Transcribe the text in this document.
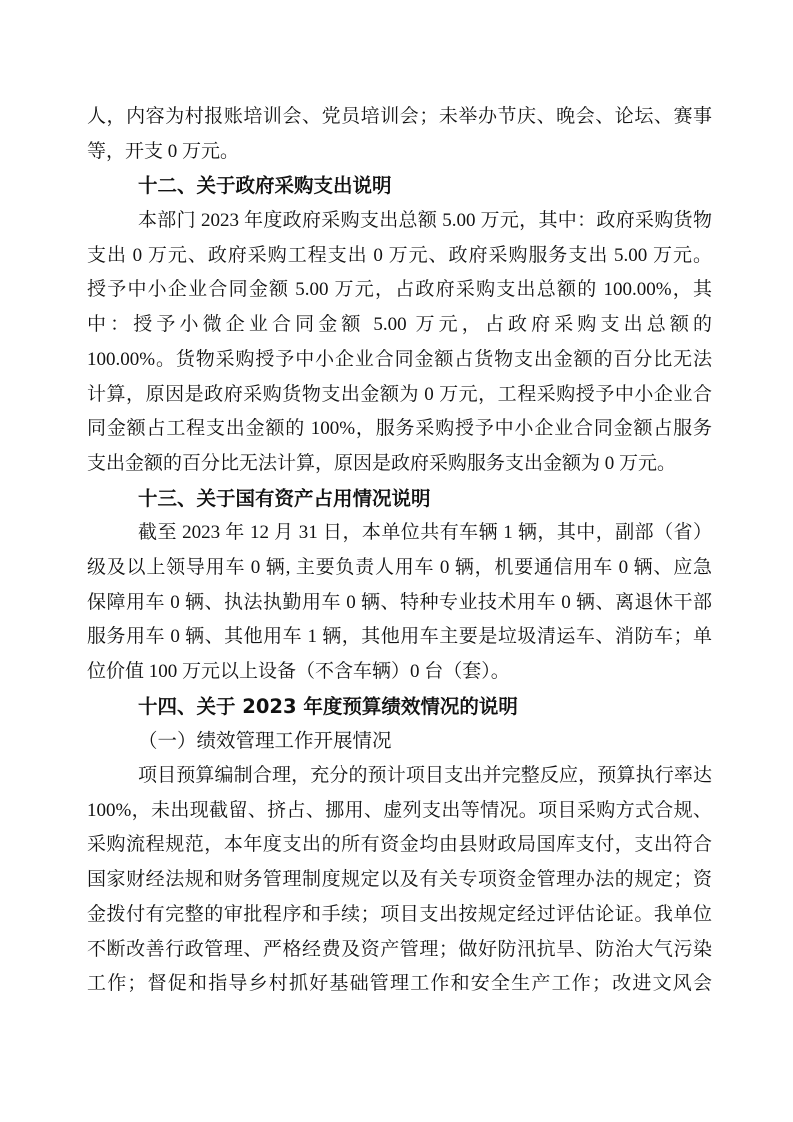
人，内容为村报账培训会、党员培训会；未举办节庆、晚会、论坛、赛事
等，开支 0 万元。
十二、关于政府采购支出说明
本部门 2023 年度政府采购支出总额 5.00 万元，其中：政府采购货物
支出 0 万元、政府采购工程支出 0 万元、政府采购服务支出 5.00 万元。
授予中小企业合同金额 5.00 万元，占政府采购支出总额的 100.00%，其
中：授予小微企业合同金额 5.00 万元，占政府采购支出总额的
100.00%。货物采购授予中小企业合同金额占货物支出金额的百分比无法
计算，原因是政府采购货物支出金额为 0 万元，工程采购授予中小企业合
同金额占工程支出金额的 100%，服务采购授予中小企业合同金额占服务
支出金额的百分比无法计算，原因是政府采购服务支出金额为 0 万元。
十三、关于国有资产占用情况说明
截至 2023 年 12 月 31 日，本单位共有车辆 1 辆，其中，副部（省）
级及以上领导用车 0 辆, 主要负责人用车 0 辆，机要通信用车 0 辆、应急
保障用车 0 辆、执法执勤用车 0 辆、特种专业技术用车 0 辆、离退休干部
服务用车 0 辆、其他用车 1 辆，其他用车主要是垃圾清运车、消防车；单
位价值 100 万元以上设备（不含车辆）0 台（套）。
十四、关于 2023 年度预算绩效情况的说明
（一）绩效管理工作开展情况
项目预算编制合理，充分的预计项目支出并完整反应，预算执行率达
100%，未出现截留、挤占、挪用、虚列支出等情况。项目采购方式合规、
采购流程规范，本年度支出的所有资金均由县财政局国库支付，支出符合
国家财经法规和财务管理制度规定以及有关专项资金管理办法的规定；资
金拨付有完整的审批程序和手续；项目支出按规定经过评估论证。我单位
不断改善行政管理、严格经费及资产管理；做好防汛抗旱、防治大气污染
工作；督促和指导乡村抓好基础管理工作和安全生产工作；改进文风会
